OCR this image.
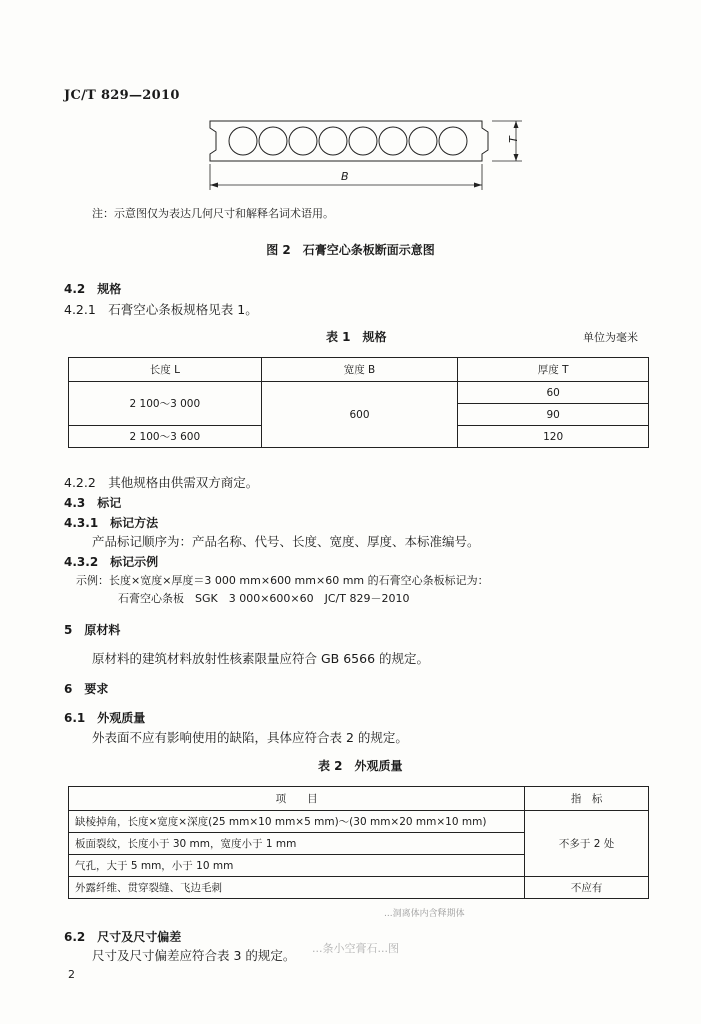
JC/T 829—2010
T
B
注：示意图仅为表达几何尺寸和解释名词术语用。
图 2　石膏空心条板断面示意图
4.2　规格
4.2.1　石膏空心条板规格见表 1。
表 1　规格	单位为毫米
长度 L	宽度 B	厚度 T
2 100～3 000	600	60
		90
2 100～3 600		120
4.2.2　其他规格由供需双方商定。
4.3　标记
4.3.1　标记方法
产品标记顺序为：产品名称、代号、长度、宽度、厚度、本标准编号。
4.3.2　标记示例
示例：长度×宽度×厚度＝3 000 mm×600 mm×60 mm 的石膏空心条板标记为：
石膏空心条板　SGK　3 000×600×60　JC/T 829－2010
5　原材料
原材料的建筑材料放射性核素限量应符合 GB 6566 的规定。
6　要求
6.1　外观质量
外表面不应有影响使用的缺陷，具体应符合表 2 的规定。
表 2　外观质量
项　　目	指　标
缺棱掉角，长度×宽度×深度(25 mm×10 mm×5 mm)～(30 mm×20 mm×10 mm)	不多于 2 处
板面裂纹，长度小于 30 mm，宽度小于 1 mm	
气孔，大于 5 mm，小于 10 mm	
外露纤维、贯穿裂缝、飞边毛刺	不应有
...洞离体内含释期体
6.2　尺寸及尺寸偏差
尺寸及尺寸偏差应符合表 3 的规定。 ...条小空膏石...图
2
